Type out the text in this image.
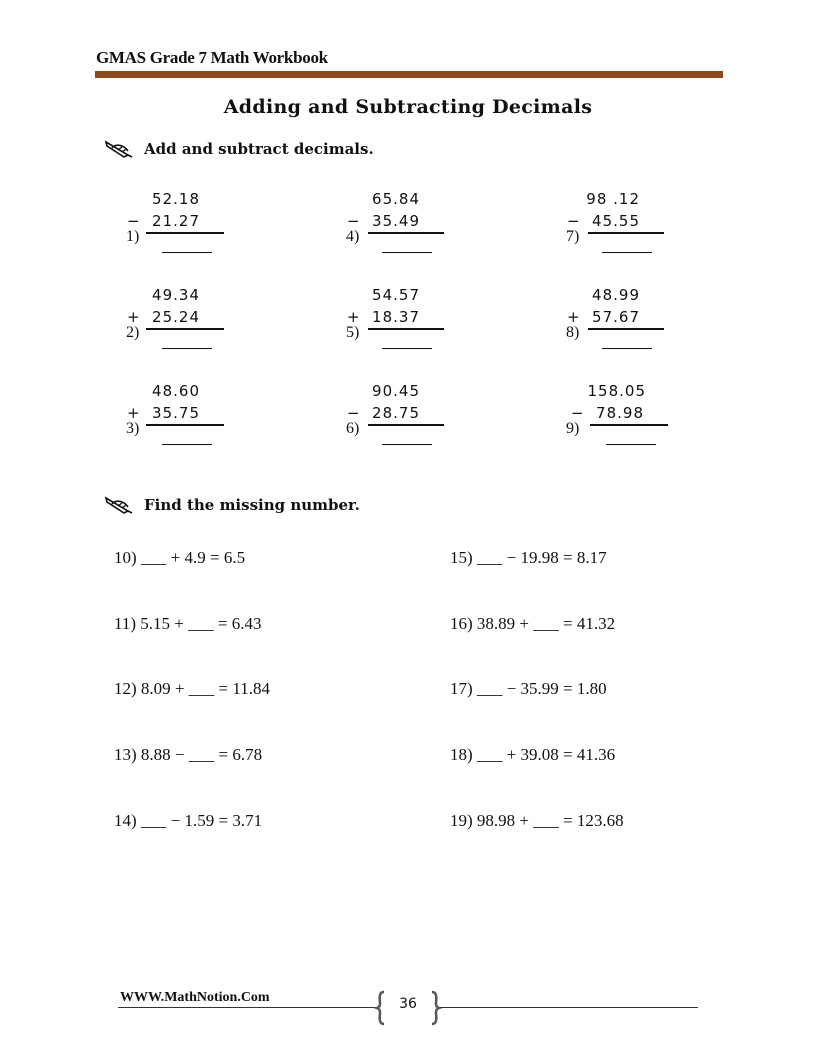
GMAS Grade 7 Math Workbook
Adding and Subtracting Decimals
Add and subtract decimals.
1)
52.18
−  21.27
2)
49.34
+  25.24
3)
48.60
+  35.75
4)
65.84
−  35.49
5)
54.57
+  18.37
6)
90.45
−  28.75
7)
98 .12
−  45.55
8)
48.99
+  57.67
9)
158.05
−  78.98
Find the missing number.
10) ___ + 4.9 = 6.5
11) 5.15 + ___ = 6.43
12) 8.09 + ___ = 11.84
13) 8.88 − ___ = 6.78
14) ___ − 1.59 = 3.71
15) ___ − 19.98 = 8.17
16) 38.89 + ___ = 41.32
17) ___ − 35.99 = 1.80
18) ___ + 39.08 = 41.36
19) 98.98 + ___ = 123.68
WWW.MathNotion.Com	36
